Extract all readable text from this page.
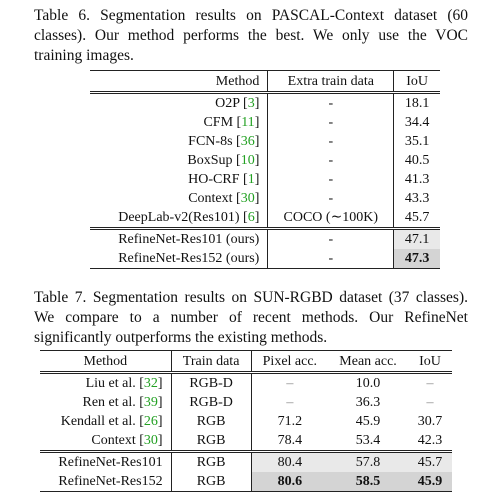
Table 6. Segmentation results on PASCAL-Context dataset (60 classes). Our method performs the best. We only use the VOC training images.
Method	Extra train data	IoU
O2P [3]	-	18.1
CFM [11]	-	34.4
FCN-8s [36]	-	35.1
BoxSup [10]	-	40.5
HO-CRF [1]	-	41.3
Context [30]	-	43.3
DeepLab-v2(Res101) [6]	COCO (∼100K)	45.7
RefineNet-Res101 (ours)	-	47.1
RefineNet-Res152 (ours)	-	47.3
Table 7. Segmentation results on SUN-RGBD dataset (37 classes). We compare to a number of recent methods. Our RefineNet significantly outperforms the existing methods.
Method	Train data	Pixel acc.	Mean acc.	IoU
Liu et al. [32]	RGB-D	–	10.0	–
Ren et al. [39]	RGB-D	–	36.3	–
Kendall et al. [26]	RGB	71.2	45.9	30.7
Context [30]	RGB	78.4	53.4	42.3
RefineNet-Res101	RGB	80.4	57.8	45.7
RefineNet-Res152	RGB	80.6	58.5	45.9
